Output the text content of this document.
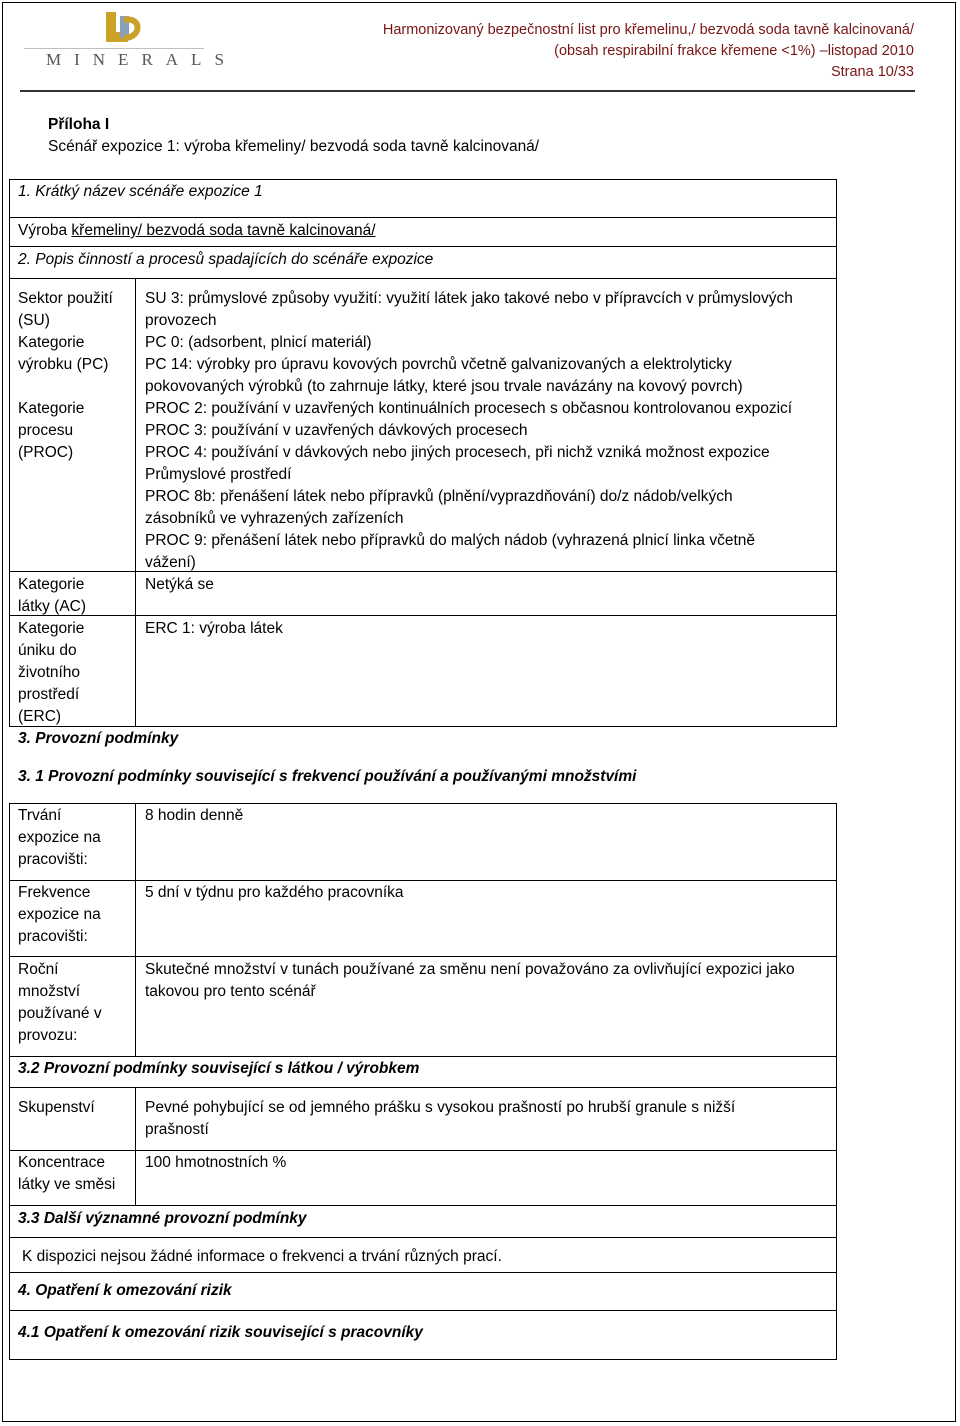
MINERALS
Harmonizovaný bezpečnostní list pro křemelinu,/ bezvodá soda tavně kalcinovaná/
(obsah respirabilní frakce křemene <1%) –listopad 2010
Strana 10/33
Příloha I
Scénář expozice 1: výroba křemeliny/ bezvodá soda tavně kalcinovaná/
1. Krátký název scénáře expozice 1
Výroba křemeliny/ bezvodá soda tavně kalcinovaná/
2. Popis činností a procesů spadajících do scénáře expozice
Sektor použití
(SU)
Kategorie
výrobku (PC)
Kategorie
procesu
(PROC)
SU 3: průmyslové způsoby využití: využití látek jako takové nebo v přípravcích v průmyslových
provozech
PC 0: (adsorbent, plnicí materiál)
PC 14: výrobky pro úpravu kovových povrchů včetně galvanizovaných a elektrolyticky
pokovovaných výrobků (to zahrnuje látky, které jsou trvale navázány na kovový povrch)
PROC 2: používání v uzavřených kontinuálních procesech s občasnou kontrolovanou expozicí
PROC 3: používání v uzavřených dávkových procesech
PROC 4: používání v dávkových nebo jiných procesech, při nichž vzniká možnost expozice
Průmyslové prostředí
PROC 8b: přenášení látek nebo přípravků (plnění/vyprazdňování) do/z nádob/velkých
zásobníků ve vyhrazených zařízeních
PROC 9: přenášení látek nebo přípravků do malých nádob (vyhrazená plnicí linka včetně
vážení)
Kategorie
látky (AC)
Netýká se
Kategorie
úniku do
životního
prostředí
(ERC)
ERC 1: výroba látek
3. Provozní podmínky
3. 1 Provozní podmínky související s frekvencí používání a používanými množstvími
Trvání
expozice na
pracovišti:
8 hodin denně
Frekvence
expozice na
pracovišti:
5 dní v týdnu pro každého pracovníka
Roční
množství
používané v
provozu:
Skutečné množství v tunách používané za směnu není považováno za ovlivňující expozici jako
takovou pro tento scénář
3.2 Provozní podmínky související s látkou / výrobkem
Skupenství	Pevné pohybující se od jemného prášku s vysokou prašností po hrubší granule s nižší
prašností
Koncentrace
látky ve směsi
100 hmotnostních %
3.3 Další významné provozní podmínky
K dispozici nejsou žádné informace o frekvenci a trvání různých prací.
4. Opatření k omezování rizik
4.1 Opatření k omezování rizik související s pracovníky
